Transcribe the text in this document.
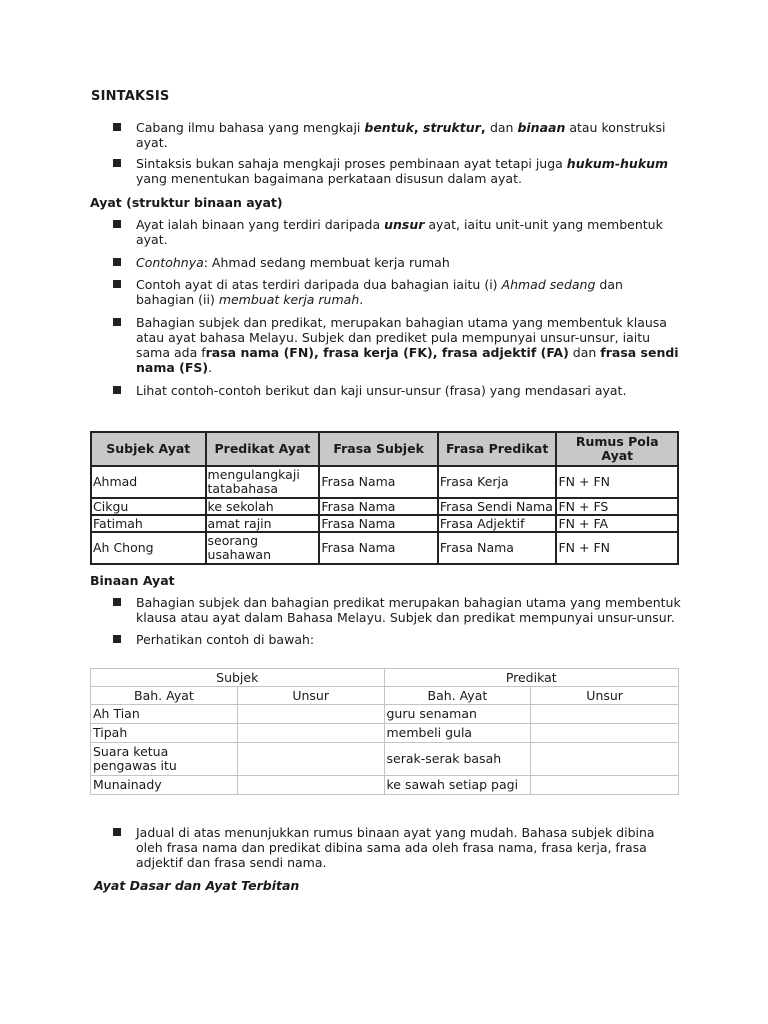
SINTAKSIS
Cabang ilmu bahasa yang mengkaji bentuk, struktur, dan binaan atau konstruksi ayat.
Sintaksis bukan sahaja mengkaji proses pembinaan ayat tetapi juga hukum-hukum yang menentukan bagaimana perkataan disusun dalam ayat.
Ayat (struktur binaan ayat)
Ayat ialah binaan yang terdiri daripada unsur ayat, iaitu unit-unit yang membentuk ayat.
Contohnya: Ahmad sedang membuat kerja rumah
Contoh ayat di atas terdiri daripada dua bahagian iaitu (i) Ahmad sedang dan bahagian (ii) membuat kerja rumah.
Bahagian subjek dan predikat, merupakan bahagian utama yang membentuk klausa atau ayat bahasa Melayu. Subjek dan prediket pula mempunyai unsur-unsur, iaitu sama ada frasa nama (FN), frasa kerja (FK), frasa adjektif (FA) dan frasa sendi nama (FS).
Lihat contoh-contoh berikut dan kaji unsur-unsur (frasa) yang mendasari ayat.
Subjek Ayat	Predikat Ayat	Frasa Subjek	Frasa Predikat	Rumus Pola Ayat
Ahmad	mengulangkaji tatabahasa	Frasa Nama	Frasa Kerja	FN + FN
Cikgu	ke sekolah	Frasa Nama	Frasa Sendi Nama	FN + FS
Fatimah	amat rajin	Frasa Nama	Frasa Adjektif	FN + FA
Ah Chong	seorang usahawan	Frasa Nama	Frasa Nama	FN + FN
Binaan Ayat
Bahagian subjek dan bahagian predikat merupakan bahagian utama yang membentuk klausa atau ayat dalam Bahasa Melayu. Subjek dan predikat mempunyai unsur-unsur.
Perhatikan contoh di bawah:
Subjek		Predikat	
Bah. Ayat	Unsur	Bah. Ayat	Unsur
Ah Tian		guru senaman	
Tipah		membeli gula	
Suara ketua pengawas itu		serak-serak basah	
Munainady		ke sawah setiap pagi	
Jadual di atas menunjukkan rumus binaan ayat yang mudah. Bahasa subjek dibina oleh frasa nama dan predikat dibina sama ada oleh frasa nama, frasa kerja, frasa adjektif dan frasa sendi nama.
Ayat Dasar dan Ayat Terbitan
